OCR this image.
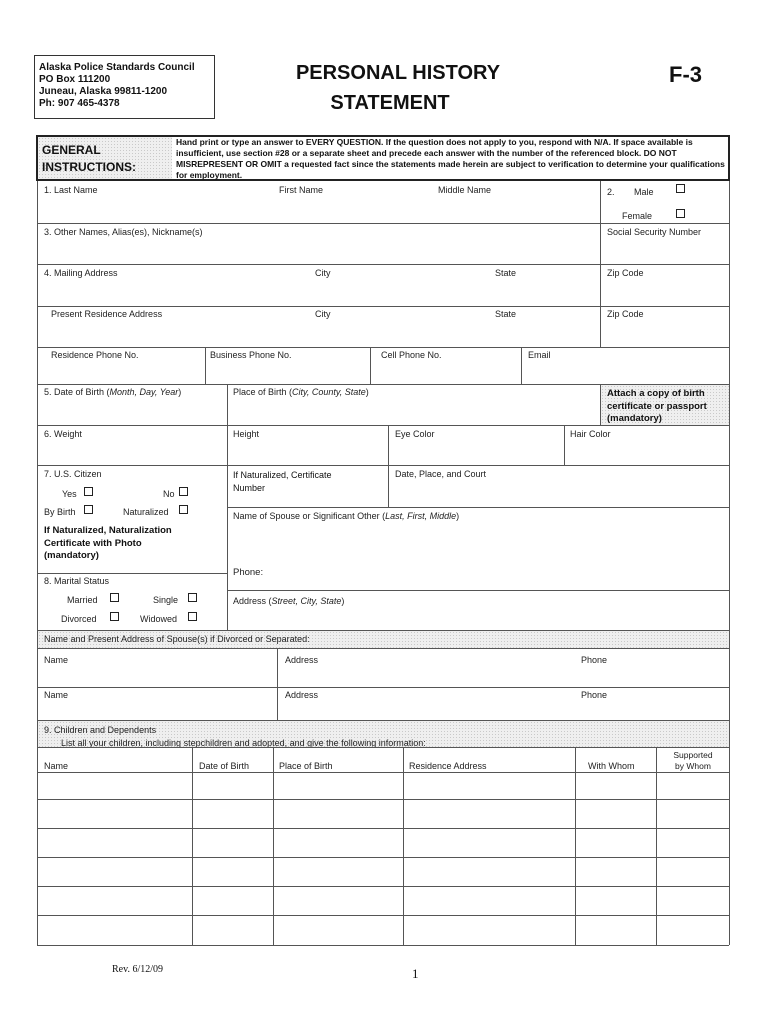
Alaska Police Standards Council
PO Box 111200
Juneau, Alaska 99811-1200
Ph: 907 465-4378
PERSONAL HISTORY
STATEMENT
F-3
GENERAL
INSTRUCTIONS:
Hand print or type an answer to EVERY QUESTION. If the question does not apply to you, respond with N/A. If space available is insufficient, use section #28 or a separate sheet and precede each answer with the number of the referenced block. DO NOT MISREPRESENT OR OMIT a requested fact since the statements made herein are subject to verification to determine your qualifications for employment.
1. Last Name	First Name	Middle Name	2. Male
Female
3. Other Names, Alias(es), Nickname(s)	Social Security Number
4. Mailing Address	City	State	Zip Code
Present Residence Address	City	State	Zip Code
Residence Phone No.	Business Phone No.	Cell Phone No.	Email
5. Date of Birth (Month, Day, Year)	Place of Birth (City, County, State)	Attach a copy of birth
certificate or passport
(mandatory)
6. Weight	Height	Eye Color	Hair Color
7. U.S. Citizen
Yes	No
By Birth	Naturalized
If Naturalized, Naturalization
Certificate with Photo
(mandatory)
If Naturalized, Certificate
Number
Date, Place, and Court
Name of Spouse or Significant Other (Last, First, Middle)
Phone:
8. Marital Status
Married	Single
Divorced	Widowed
Address (Street, City, State)
Name and Present Address of Spouse(s) if Divorced or Separated:
Name	Address	Phone
Name	Address	Phone
9. Children and Dependents
List all your children, including stepchildren and adopted, and give the following information:
Name	Date of Birth	Place of Birth	Residence Address	With Whom
Supported
by Whom
Rev. 6/12/09	1
